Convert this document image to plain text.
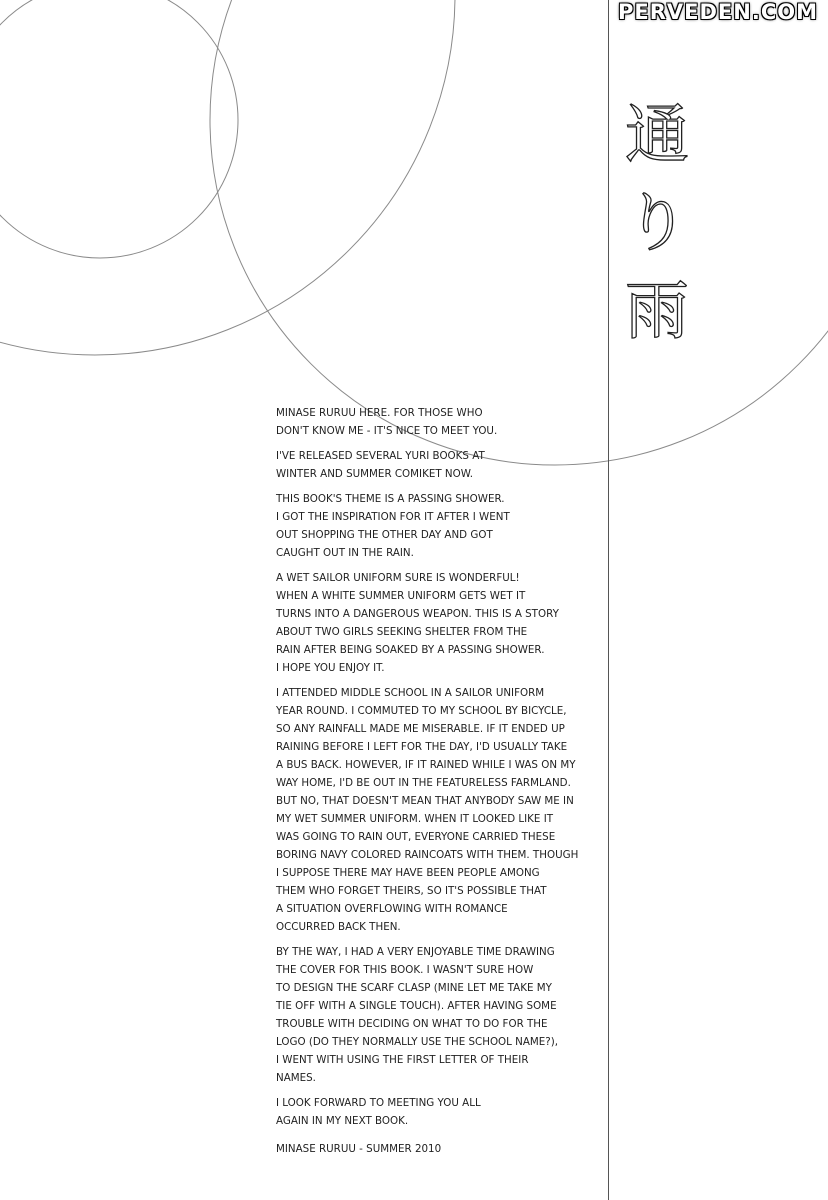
PERVEDEN.COM
通
り
雨
MINASE RURUU HERE. FOR THOSE WHO
DON'T KNOW ME - IT'S NICE TO MEET YOU.
I'VE RELEASED SEVERAL YURI BOOKS AT
WINTER AND SUMMER COMIKET NOW.
THIS BOOK'S THEME IS A PASSING SHOWER.
I GOT THE INSPIRATION FOR IT AFTER I WENT
OUT SHOPPING THE OTHER DAY AND GOT
CAUGHT OUT IN THE RAIN.
A WET SAILOR UNIFORM SURE IS WONDERFUL!
WHEN A WHITE SUMMER UNIFORM GETS WET IT
TURNS INTO A DANGEROUS WEAPON. THIS IS A STORY
ABOUT TWO GIRLS SEEKING SHELTER FROM THE
RAIN AFTER BEING SOAKED BY A PASSING SHOWER.
I HOPE YOU ENJOY IT.
I ATTENDED MIDDLE SCHOOL IN A SAILOR UNIFORM
YEAR ROUND. I COMMUTED TO MY SCHOOL BY BICYCLE,
SO ANY RAINFALL MADE ME MISERABLE. IF IT ENDED UP
RAINING BEFORE I LEFT FOR THE DAY, I'D USUALLY TAKE
A BUS BACK. HOWEVER, IF IT RAINED WHILE I WAS ON MY
WAY HOME, I'D BE OUT IN THE FEATURELESS FARMLAND.
BUT NO, THAT DOESN'T MEAN THAT ANYBODY SAW ME IN
MY WET SUMMER UNIFORM. WHEN IT LOOKED LIKE IT
WAS GOING TO RAIN OUT, EVERYONE CARRIED THESE
BORING NAVY COLORED RAINCOATS WITH THEM. THOUGH
I SUPPOSE THERE MAY HAVE BEEN PEOPLE AMONG
THEM WHO FORGET THEIRS, SO IT'S POSSIBLE THAT
A SITUATION OVERFLOWING WITH ROMANCE
OCCURRED BACK THEN.
BY THE WAY, I HAD A VERY ENJOYABLE TIME DRAWING
THE COVER FOR THIS BOOK. I WASN'T SURE HOW
TO DESIGN THE SCARF CLASP (MINE LET ME TAKE MY
TIE OFF WITH A SINGLE TOUCH). AFTER HAVING SOME
TROUBLE WITH DECIDING ON WHAT TO DO FOR THE
LOGO (DO THEY NORMALLY USE THE SCHOOL NAME?),
I WENT WITH USING THE FIRST LETTER OF THEIR
NAMES.
I LOOK FORWARD TO MEETING YOU ALL
AGAIN IN MY NEXT BOOK.
MINASE RURUU - SUMMER 2010
